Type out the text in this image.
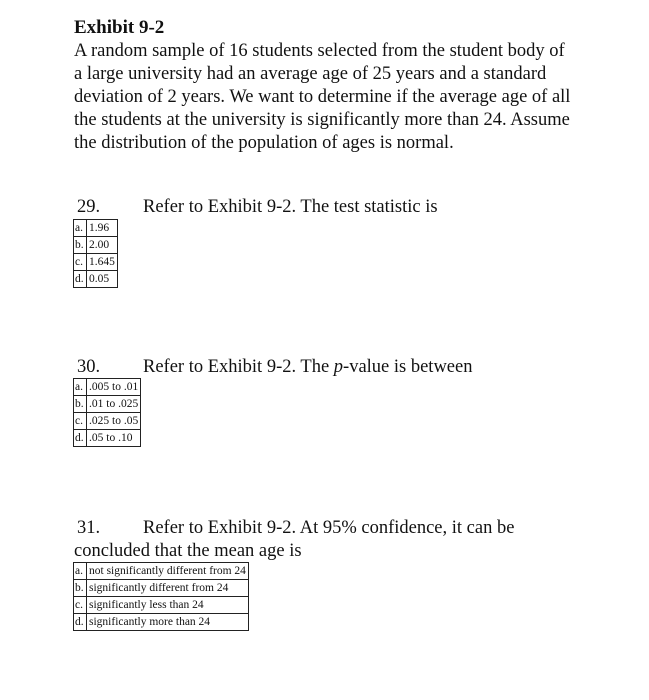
Exhibit 9-2
A random sample of 16 students selected from the student body of a large university had an average age of 25 years and a standard deviation of 2 years. We want to determine if the average age of all the students at the university is significantly more than 24. Assume the distribution of the population of ages is normal.
29. Refer to Exhibit 9-2. The test statistic is
a.	1.96
b.	2.00
c.	1.645
d.	0.05
30. Refer to Exhibit 9-2. The p-value is between
a.	.005 to .01
b.	.01 to .025
c.	.025 to .05
d.	.05 to .10
31. Refer to Exhibit 9-2. At 95% confidence, it can be
concluded that the mean age is
a.	not significantly different from 24
b.	significantly different from 24
c.	significantly less than 24
d.	significantly more than 24
